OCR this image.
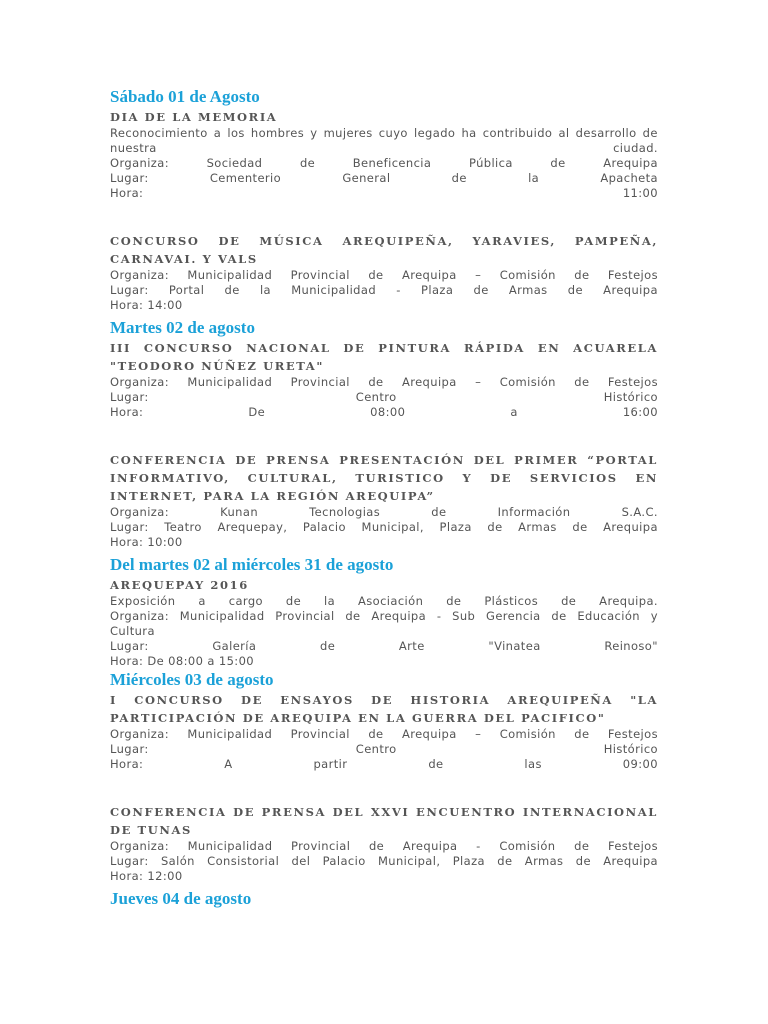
Sábado 01 de Agosto
DIA DE LA MEMORIA
Reconocimiento a los hombres y mujeres cuyo legado ha contribuido al desarrollo de
nuestra	ciudad.
Organiza:	Sociedad	de	Beneficencia	Pública	de	Arequipa
Lugar:	Cementerio	General	de	la	Apacheta
Hora:	11:00
CONCURSO DE MÚSICA AREQUIPEÑA, YARAVIES, PAMPEÑA, CARNAVAI. Y VALS
Organiza: Municipalidad Provincial de Arequipa – Comisión de Festejos
Lugar: Portal de la Municipalidad - Plaza de Armas de Arequipa
Hora: 14:00
Martes 02 de agosto
III CONCURSO NACIONAL DE PINTURA RÁPIDA EN ACUARELA "TEODORO NÚÑEZ URETA"
Organiza: Municipalidad Provincial de Arequipa – Comisión de Festejos
Lugar:	Centro	Histórico
Hora:	De	08:00	a	16:00
CONFERENCIA DE PRENSA PRESENTACIÓN DEL PRIMER “PORTAL INFORMATIVO, CULTURAL, TURISTICO Y DE SERVICIOS EN INTERNET, PARA LA REGIÓN AREQUIPA”
Organiza:	Kunan	Tecnologias	de	Información	S.A.C.
Lugar: Teatro Arequepay, Palacio Municipal, Plaza de Armas de Arequipa
Hora: 10:00
Del martes 02 al miércoles 31 de agosto
AREQUEPAY 2016
Exposición a cargo de la Asociación de Plásticos de Arequipa.
Organiza: Municipalidad Provincial de Arequipa - Sub Gerencia de Educación y
Cultura
Lugar:	Galería	de	Arte	"Vinatea	Reinoso"
Hora: De 08:00 a 15:00
Miércoles 03 de agosto
I CONCURSO DE ENSAYOS DE HISTORIA AREQUIPEÑA "LA PARTICIPACIÓN DE AREQUIPA EN LA GUERRA DEL PACIFICO"
Organiza: Municipalidad Provincial de Arequipa – Comisión de Festejos
Lugar:	Centro	Histórico
Hora:	A	partir	de	las	09:00
CONFERENCIA DE PRENSA DEL XXVI ENCUENTRO INTERNACIONAL DE TUNAS
Organiza: Municipalidad Provincial de Arequipa - Comisión de Festejos
Lugar: Salón Consistorial del Palacio Municipal, Plaza de Armas de Arequipa
Hora: 12:00
Jueves 04 de agosto
